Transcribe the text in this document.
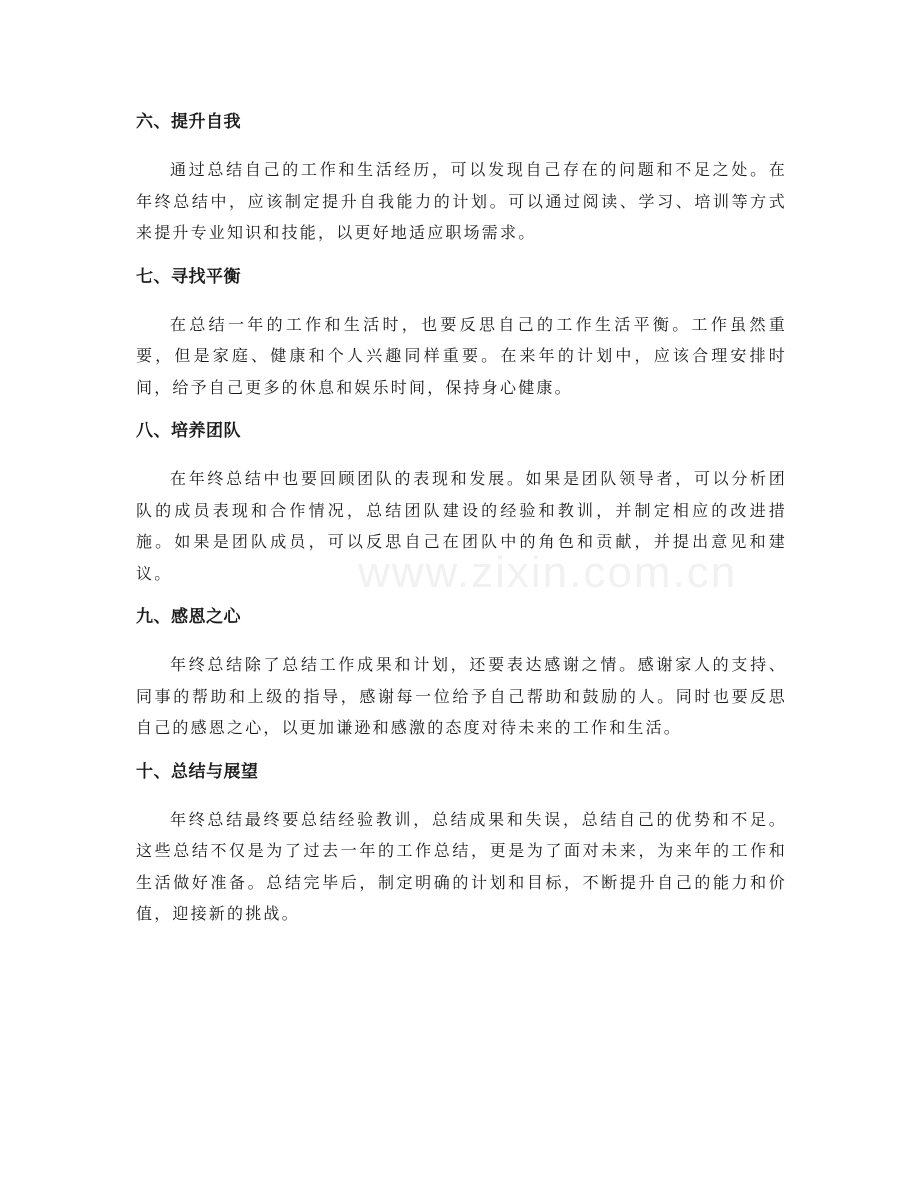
六、提升自我

通过总结自己的工作和生活经历，可以发现自己存在的问题和不足之处。在年终总结中，应该制定提升自我能力的计划。可以通过阅读、学习、培训等方式来提升专业知识和技能，以更好地适应职场需求。

七、寻找平衡

在总结一年的工作和生活时，也要反思自己的工作生活平衡。工作虽然重要，但是家庭、健康和个人兴趣同样重要。在来年的计划中，应该合理安排时间，给予自己更多的休息和娱乐时间，保持身心健康。

八、培养团队

在年终总结中也要回顾团队的表现和发展。如果是团队领导者，可以分析团队的成员表现和合作情况，总结团队建设的经验和教训，并制定相应的改进措施。如果是团队成员，可以反思自己在团队中的角色和贡献，并提出意见和建议。

九、感恩之心

年终总结除了总结工作成果和计划，还要表达感谢之情。感谢家人的支持、同事的帮助和上级的指导，感谢每一位给予自己帮助和鼓励的人。同时也要反思自己的感恩之心，以更加谦逊和感激的态度对待未来的工作和生活。

十、总结与展望

年终总结最终要总结经验教训，总结成果和失误，总结自己的优势和不足。这些总结不仅是为了过去一年的工作总结，更是为了面对未来，为来年的工作和生活做好准备。总结完毕后，制定明确的计划和目标，不断提升自己的能力和价值，迎接新的挑战。

www.zixin.com.cn
